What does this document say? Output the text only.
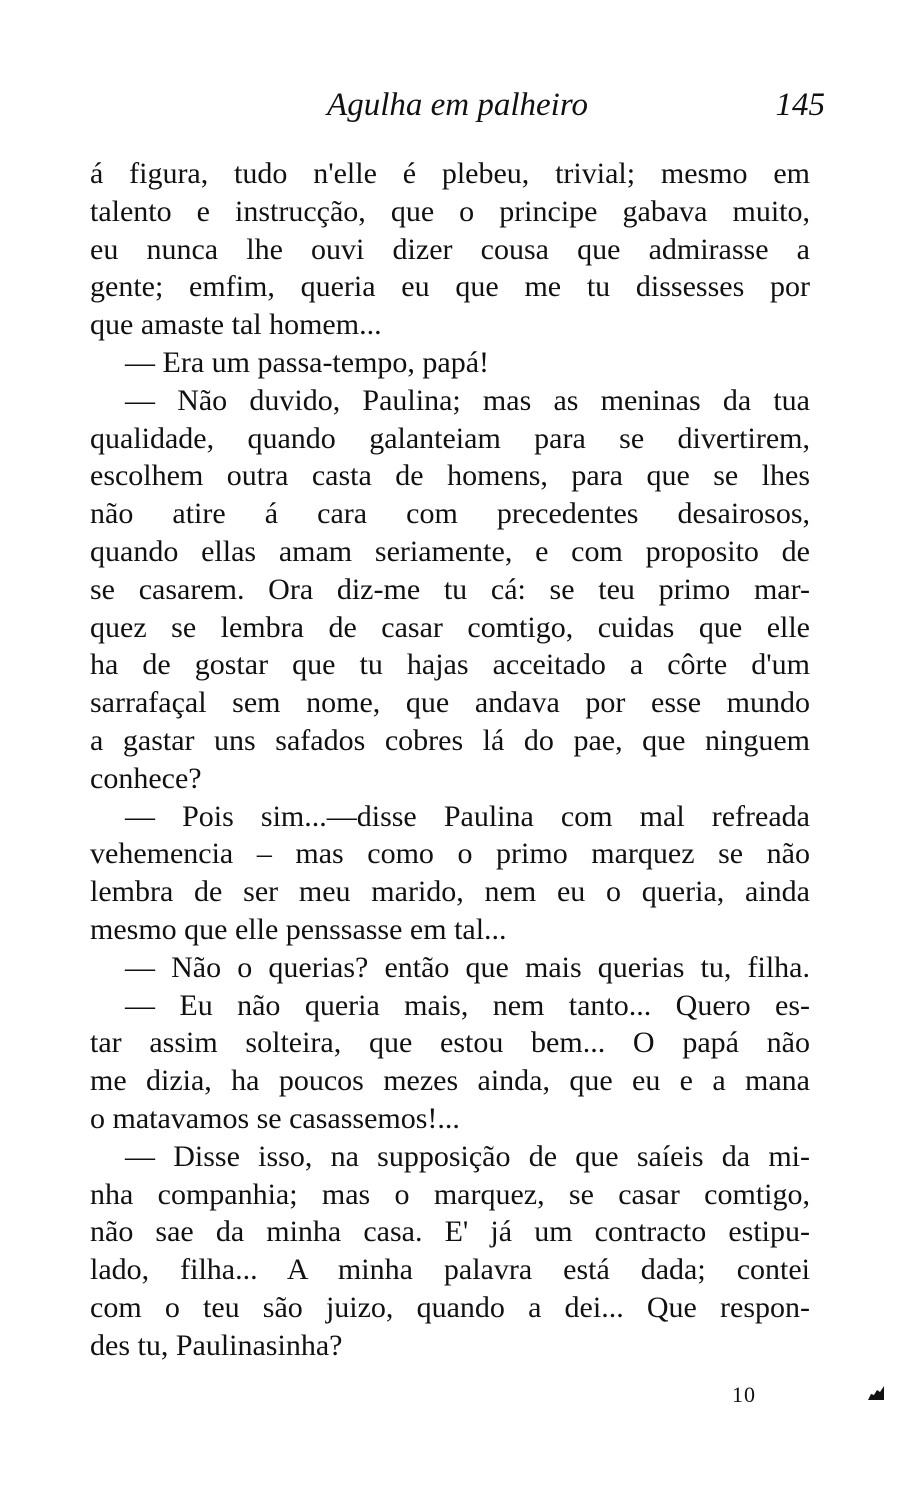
Agulha em palheiro	145
á figura, tudo n'elle é plebeu, trivial; mesmo em
talento e instrucção, que o principe gabava muito,
eu nunca lhe ouvi dizer cousa que admirasse a
gente; emfim, queria eu que me tu dissesses por
que amaste tal homem...
— Era um passa-tempo, papá!
— Não duvido, Paulina; mas as meninas da tua
qualidade, quando galanteiam para se divertirem,
escolhem outra casta de homens, para que se lhes
não atire á cara com precedentes desairosos,
quando ellas amam seriamente, e com proposito de
se casarem. Ora diz-me tu cá: se teu primo mar-
quez se lembra de casar comtigo, cuidas que elle
ha de gostar que tu hajas acceitado a côrte d'um
sarrafaçal sem nome, que andava por esse mundo
a gastar uns safados cobres lá do pae, que ninguem
conhece?
— Pois sim...—disse Paulina com mal refreada
vehemencia – mas como o primo marquez se não
lembra de ser meu marido, nem eu o queria, ainda
mesmo que elle penssasse em tal...
— Não o querias? então que mais querias tu, filha.
— Eu não queria mais, nem tanto... Quero es-
tar assim solteira, que estou bem... O papá não
me dizia, ha poucos mezes ainda, que eu e a mana
o matavamos se casassemos!...
— Disse isso, na supposição de que saíeis da mi-
nha companhia; mas o marquez, se casar comtigo,
não sae da minha casa. E' já um contracto estipu-
lado, filha... A minha palavra está dada; contei
com o teu são juizo, quando a dei... Que respon-
des tu, Paulinasinha?
10
